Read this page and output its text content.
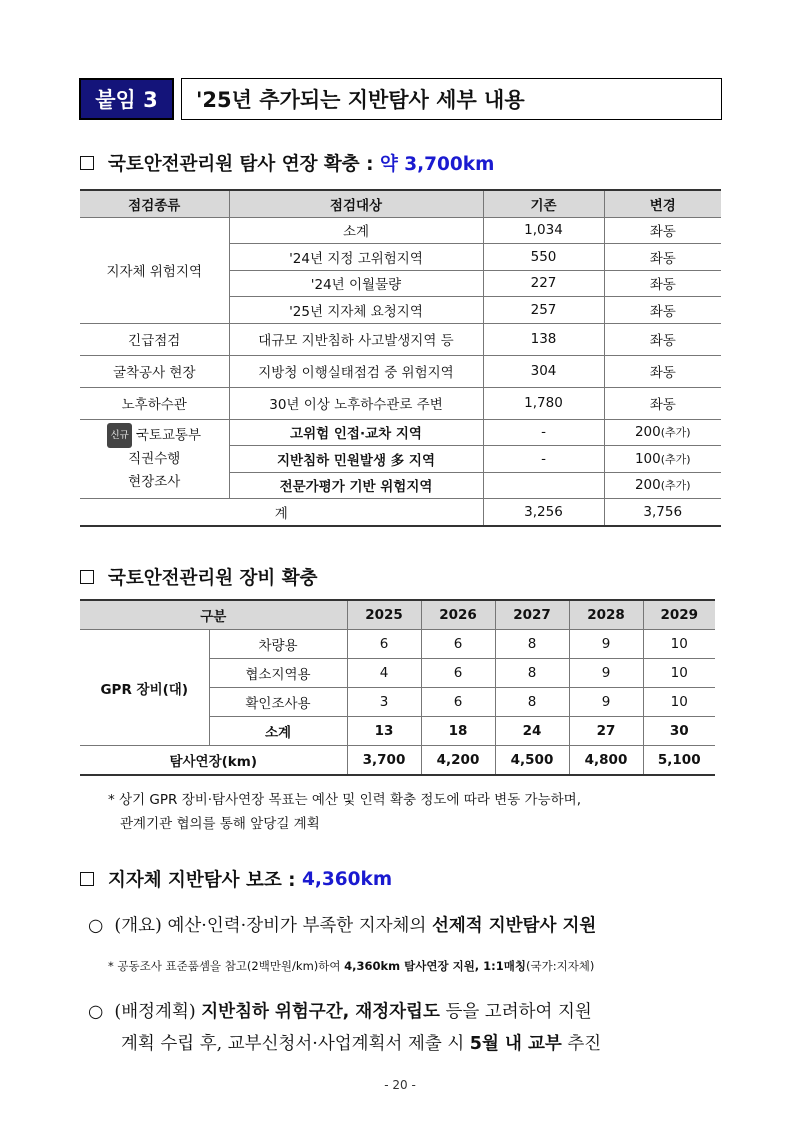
붙임 3	'25년 추가되는 지반탐사 세부 내용
국토안전관리원 탐사 연장 확충 :
약 3,700km
점검종류	점검대상	기존	변경
지자체 위험지역	소계	1,034	좌동
	'24년 지정 고위험지역	550	좌동
	'24년 이월물량	227	좌동
	'25년 지자체 요청지역	257	좌동
긴급점검	대규모 지반침하 사고발생지역 등	138	좌동
굴착공사 현장	지방청 이행실태점검 중 위험지역	304	좌동
노후하수관	30년 이상 노후하수관로 주변	1,780	좌동
신규 국토교통부
직권수행
현장조사	고위험 인접·교차 지역	-	200(추가)
	지반침하 민원발생 多 지역	-	100(추가)
	전문가평가 기반 위험지역		200(추가)
계		3,256	3,756
국토안전관리원 장비 확충
구분		2025	2026	2027	2028	2029
GPR 장비(대)	차량용	6	6	8	9	10
	협소지역용	4	6	8	9	10
	확인조사용	3	6	8	9	10
	소계	13	18	24	27	30
탐사연장(km)		3,700	4,200	4,500	4,800	5,100
* 상기 GPR 장비·탐사연장 목표는 예산 및 인력 확충 정도에 따라 변동 가능하며,
관계기관 협의를 통해 앞당길 계획
지자체 지반탐사 보조 :
4,360km
○ (개요) 예산·인력·장비가 부족한 지자체의 선제적 지반탐사 지원
* 공동조사 표준품셈을 참고(2백만원/km)하여 4,360km 탐사연장 지원, 1:1매칭(국가:지자체)
○ (배정계획) 지반침하 위험구간, 재정자립도 등을 고려하여 지원
계획 수립 후, 교부신청서·사업계획서 제출 시 5월 내 교부 추진
- 20 -
